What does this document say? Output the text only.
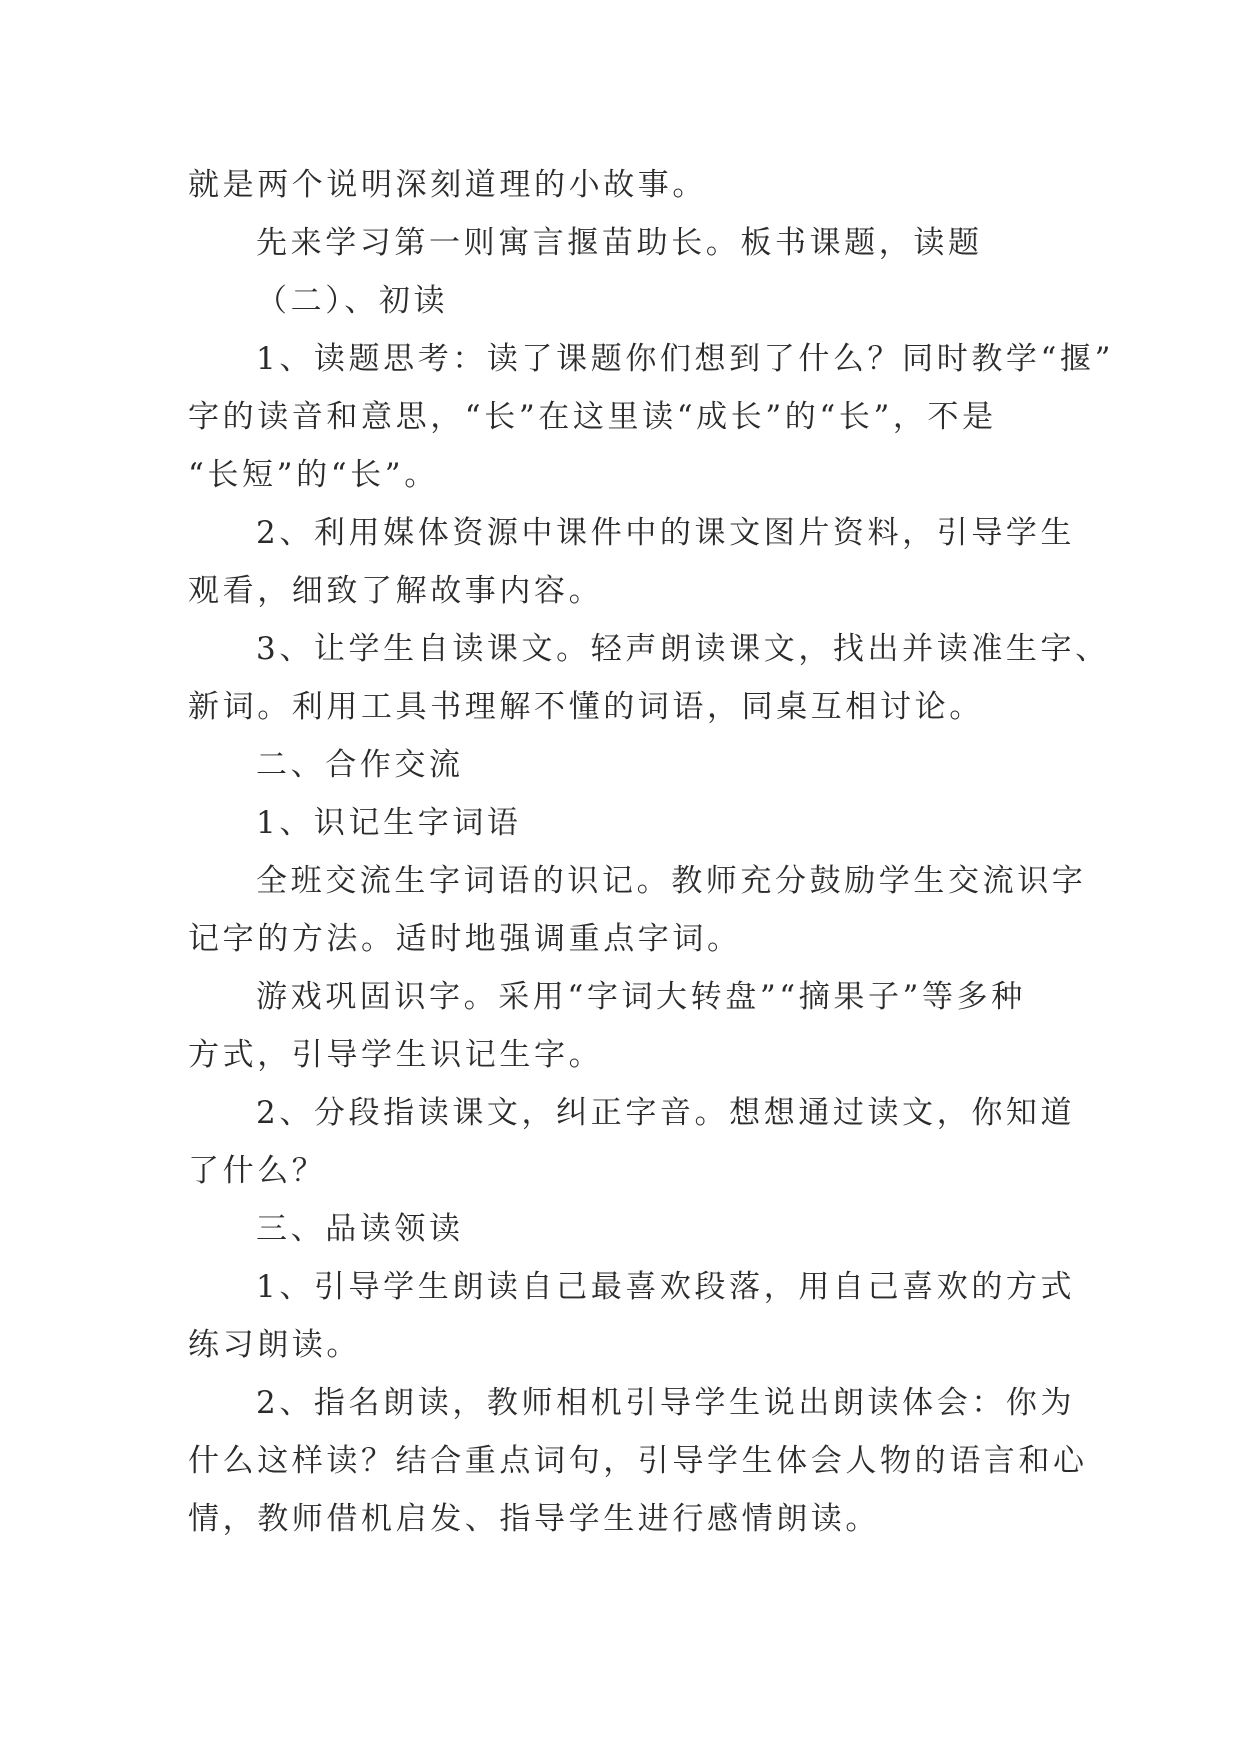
就是两个说明深刻道理的小故事。
先来学习第一则寓言揠苗助长。板书课题，读题
（二）、初读
1、读题思考：读了课题你们想到了什么？同时教学“揠”
字的读音和意思，“长”在这里读“成长”的“长”，不是
“长短”的“长”。
2、利用媒体资源中课件中的课文图片资料，引导学生
观看，细致了解故事内容。
3、让学生自读课文。轻声朗读课文，找出并读准生字、
新词。利用工具书理解不懂的词语，同桌互相讨论。
二、合作交流
1、识记生字词语
全班交流生字词语的识记。教师充分鼓励学生交流识字
记字的方法。适时地强调重点字词。
游戏巩固识字。采用“字词大转盘”“摘果子”等多种
方式，引导学生识记生字。
2、分段指读课文，纠正字音。想想通过读文，你知道
了什么？
三、品读领读
1、引导学生朗读自己最喜欢段落，用自己喜欢的方式
练习朗读。
2、指名朗读，教师相机引导学生说出朗读体会：你为
什么这样读？结合重点词句，引导学生体会人物的语言和心
情，教师借机启发、指导学生进行感情朗读。
